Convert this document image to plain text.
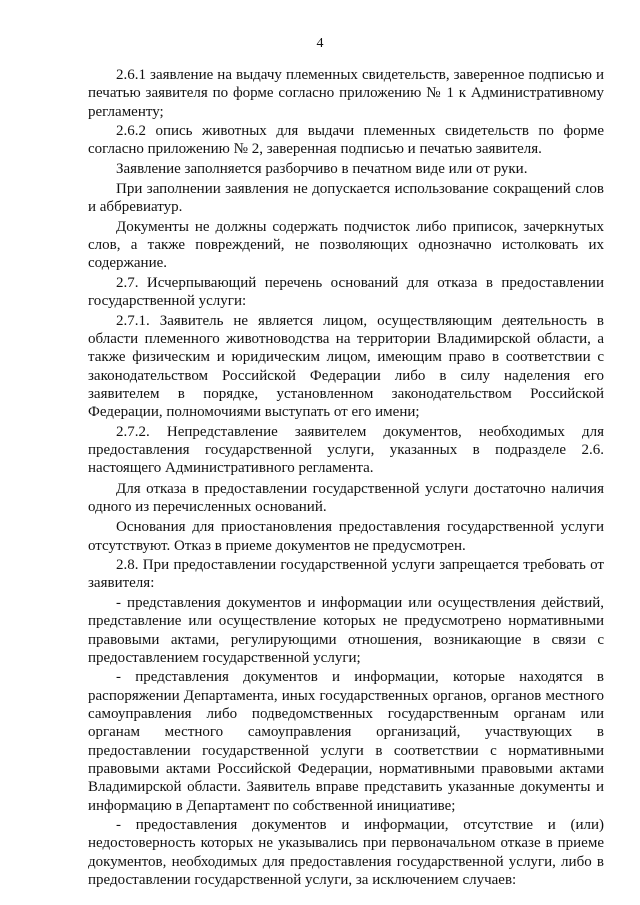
4

2.6.1 заявление на выдачу племенных свидетельств, заверенное подписью и печатью заявителя по форме согласно приложению № 1 к Административному регламенту;

2.6.2 опись животных для выдачи племенных свидетельств по форме согласно приложению № 2, заверенная подписью и печатью заявителя.

Заявление заполняется разборчиво в печатном виде или от руки.

При заполнении заявления не допускается использование сокращений слов и аббревиатур.

Документы не должны содержать подчисток либо приписок, зачеркнутых слов, а также повреждений, не позволяющих однозначно истолковать их содержание.

2.7. Исчерпывающий перечень оснований для отказа в предоставлении государственной услуги:

2.7.1. Заявитель не является лицом, осуществляющим деятельность в области племенного животноводства на территории Владимирской области, а также физическим и юридическим лицом, имеющим право в соответствии с законодательством Российской Федерации либо в силу наделения его заявителем в порядке, установленном законодательством Российской Федерации, полномочиями выступать от его имени;

2.7.2. Непредставление заявителем документов, необходимых для предоставления государственной услуги, указанных в подразделе 2.6. настоящего Административного регламента.

Для отказа в предоставлении государственной услуги достаточно наличия одного из перечисленных оснований.

Основания для приостановления предоставления государственной услуги отсутствуют. Отказ в приеме документов не предусмотрен.

2.8. При предоставлении государственной услуги запрещается требовать от заявителя:

- представления документов и информации или осуществления действий, представление или осуществление которых не предусмотрено нормативными правовыми актами, регулирующими отношения, возникающие в связи с предоставлением государственной услуги;

- представления документов и информации, которые находятся в распоряжении Департамента, иных государственных органов, органов местного самоуправления либо подведомственных государственным органам или органам местного самоуправления организаций, участвующих в предоставлении государственной услуги в соответствии с нормативными правовыми актами Российской Федерации, нормативными правовыми актами Владимирской области. Заявитель вправе представить указанные документы и информацию в Департамент по собственной инициативе;

- предоставления документов и информации, отсутствие и (или) недостоверность которых не указывались при первоначальном отказе в приеме документов, необходимых для предоставления государственной услуги, либо в предоставлении государственной услуги, за исключением случаев:
